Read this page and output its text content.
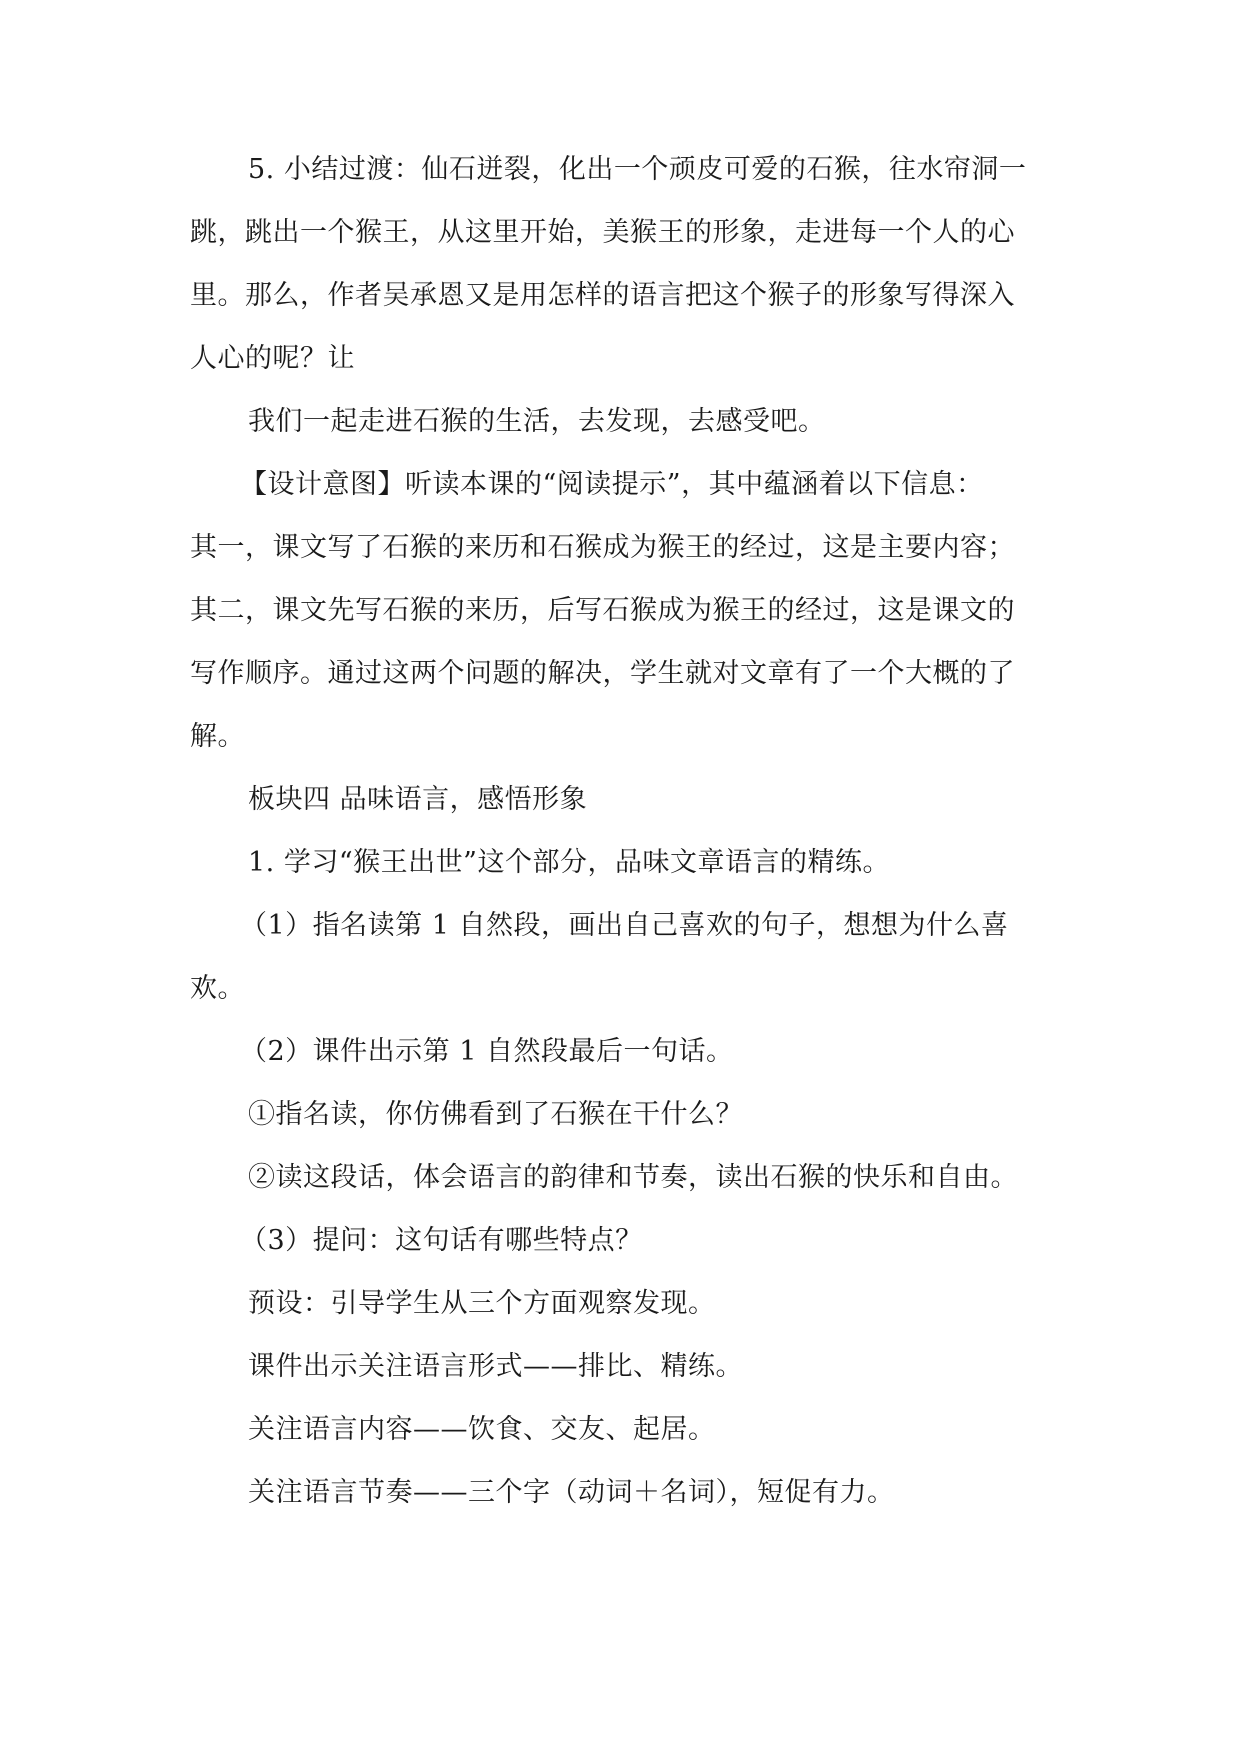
5. 小结过渡：仙石迸裂，化出一个顽皮可爱的石猴，往水帘洞一
跳，跳出一个猴王，从这里开始，美猴王的形象，走进每一个人的心
里。那么，作者吴承恩又是用怎样的语言把这个猴子的形象写得深入
人心的呢？让
我们一起走进石猴的生活，去发现，去感受吧。
【设计意图】听读本课的“阅读提示”，其中蕴涵着以下信息：
其一，课文写了石猴的来历和石猴成为猴王的经过，这是主要内容；
其二，课文先写石猴的来历，后写石猴成为猴王的经过，这是课文的
写作顺序。通过这两个问题的解决，学生就对文章有了一个大概的了
解。
板块四 品味语言，感悟形象
1. 学习“猴王出世”这个部分，品味文章语言的精练。
（1）指名读第 1 自然段，画出自己喜欢的句子，想想为什么喜
欢。
（2）课件出示第 1 自然段最后一句话。
①指名读，你仿佛看到了石猴在干什么？
②读这段话，体会语言的韵律和节奏，读出石猴的快乐和自由。
（3）提问：这句话有哪些特点？
预设：引导学生从三个方面观察发现。
课件出示关注语言形式——排比、精练。
关注语言内容——饮食、交友、起居。
关注语言节奏——三个字（动词＋名词），短促有力。
